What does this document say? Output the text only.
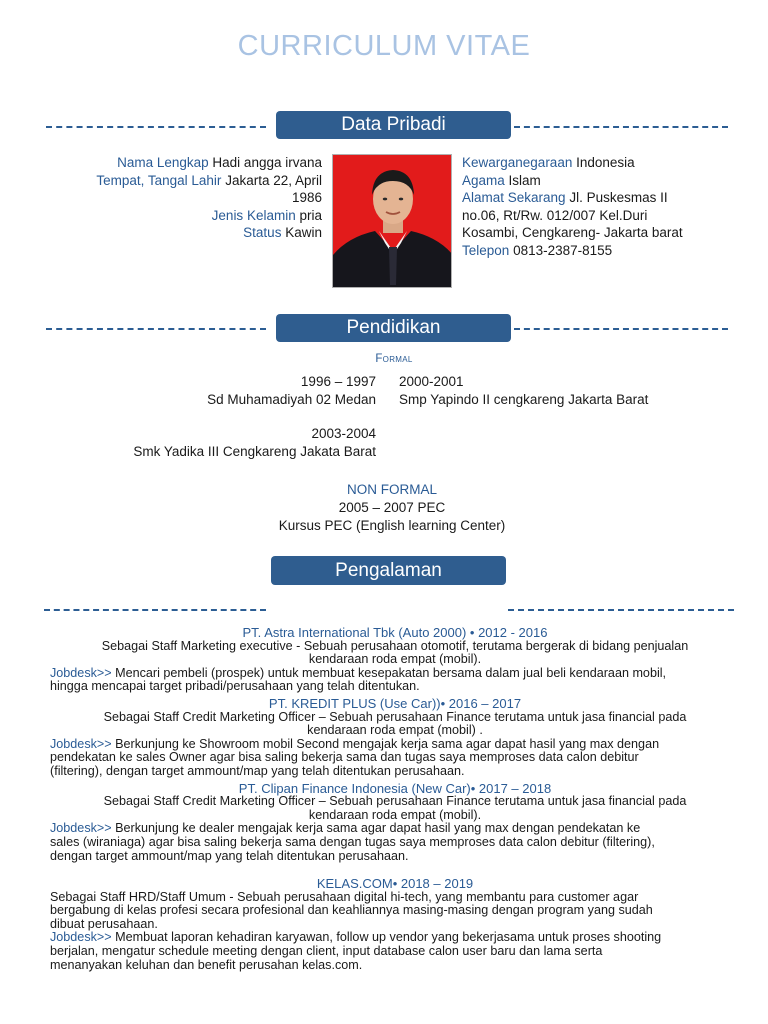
CURRICULUM VITAE
Data Pribadi
Nama Lengkap Hadi angga irvana
Tempat, Tangal Lahir Jakarta 22, April
1986
Jenis Kelamin pria
Status Kawin
Kewarganegaraan Indonesia
Agama Islam
Alamat Sekarang Jl. Puskesmas II
no.06, Rt/Rw. 012/007 Kel.Duri
Kosambi, Cengkareng- Jakarta barat
Telepon 0813-2387-8155
Pendidikan
Formal
1996 – 1997
Sd Muhamadiyah 02 Medan
2000-2001
Smp Yapindo II cengkareng Jakarta Barat
2003-2004
Smk Yadika III Cengkareng Jakata Barat
NON FORMAL
2005 – 2007 PEC
Kursus PEC (English learning Center)
Pengalaman
PT. Astra International Tbk (Auto 2000) • 2012 - 2016
Sebagai Staff Marketing executive - Sebuah perusahaan otomotif, terutama bergerak di bidang penjualan
kendaraan roda empat (mobil).
Jobdesk>> Mencari pembeli (prospek) untuk membuat kesepakatan bersama dalam jual beli kendaraan mobil,
hingga mencapai target pribadi/perusahaan yang telah ditentukan.
PT. KREDIT PLUS (Use Car))• 2016 – 2017
Sebagai Staff Credit Marketing Officer – Sebuah perusahaan Finance terutama untuk jasa financial pada
kendaraan roda empat (mobil) .
Jobdesk>> Berkunjung ke Showroom mobil Second mengajak kerja sama agar dapat hasil yang max dengan
pendekatan ke sales Owner agar bisa saling bekerja sama dan tugas saya memproses data calon debitur
(filtering), dengan target ammount/map yang telah ditentukan perusahaan.
PT. Clipan Finance Indonesia (New Car)• 2017 – 2018
Sebagai Staff Credit Marketing Officer – Sebuah perusahaan Finance terutama untuk jasa financial pada
kendaraan roda empat (mobil).
Jobdesk>> Berkunjung ke dealer mengajak kerja sama agar dapat hasil yang max dengan pendekatan ke
sales (wiraniaga) agar bisa saling bekerja sama dengan tugas saya memproses data calon debitur (filtering),
dengan target ammount/map yang telah ditentukan perusahaan.
KELAS.COM• 2018 – 2019
Sebagai Staff HRD/Staff Umum - Sebuah perusahaan digital hi-tech, yang membantu para customer agar
bergabung di kelas profesi secara profesional dan keahliannya masing-masing dengan program yang sudah
dibuat perusahaan.
Jobdesk>> Membuat laporan kehadiran karyawan, follow up vendor yang bekerjasama untuk proses shooting
berjalan, mengatur schedule meeting dengan client, input database calon user baru dan lama serta
menanyakan keluhan dan benefit perusahan kelas.com.
